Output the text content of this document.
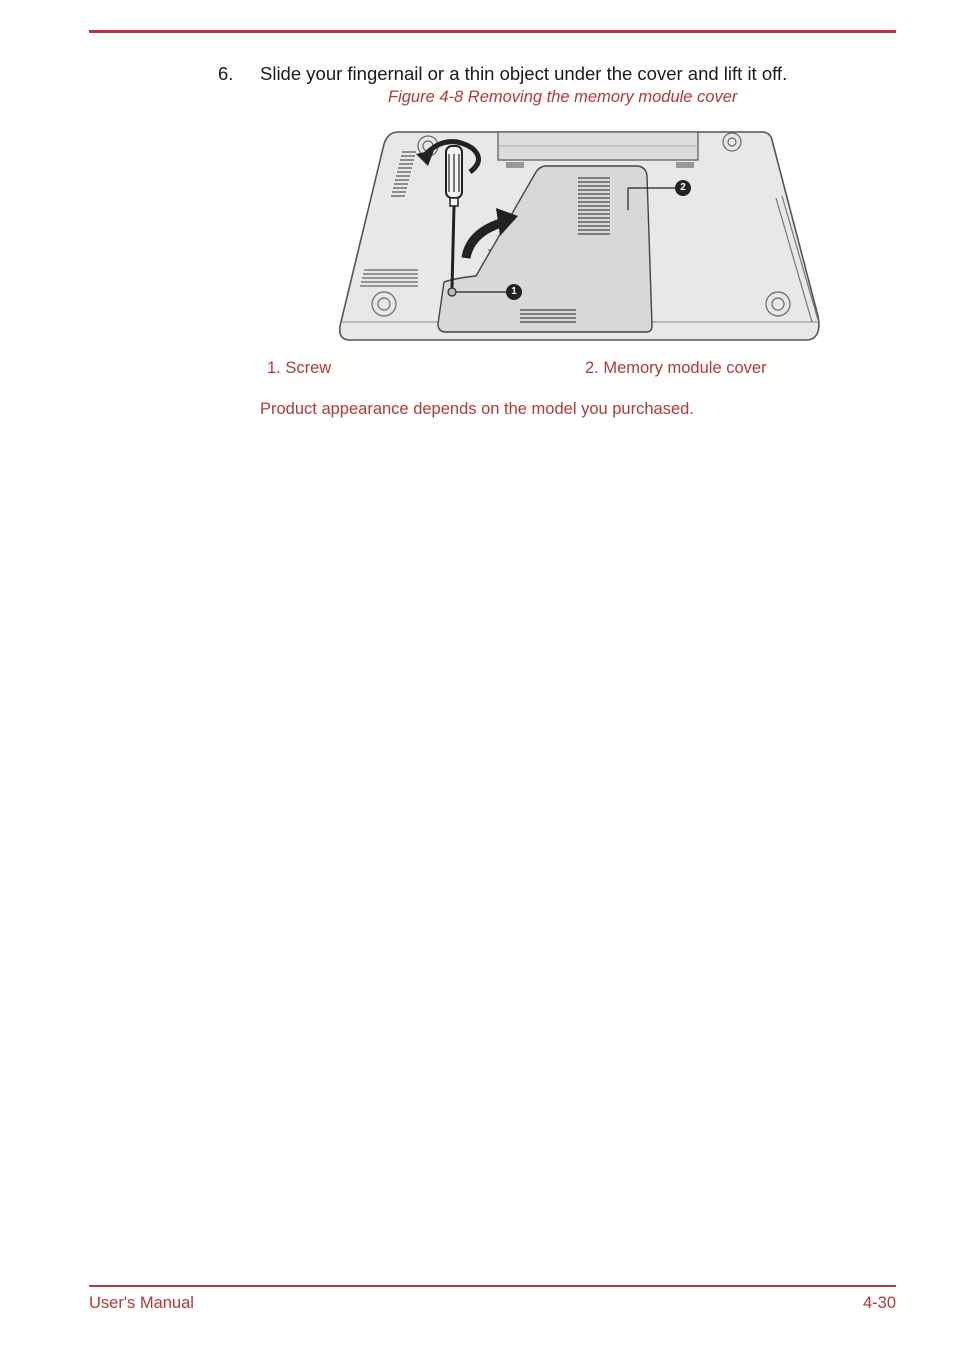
6. Slide your fingernail or a thin object under the cover and lift it off.
Figure 4-8 Removing the memory module cover
1
2
1. Screw	2. Memory module cover
Product appearance depends on the model you purchased.
User's Manual	4-30
